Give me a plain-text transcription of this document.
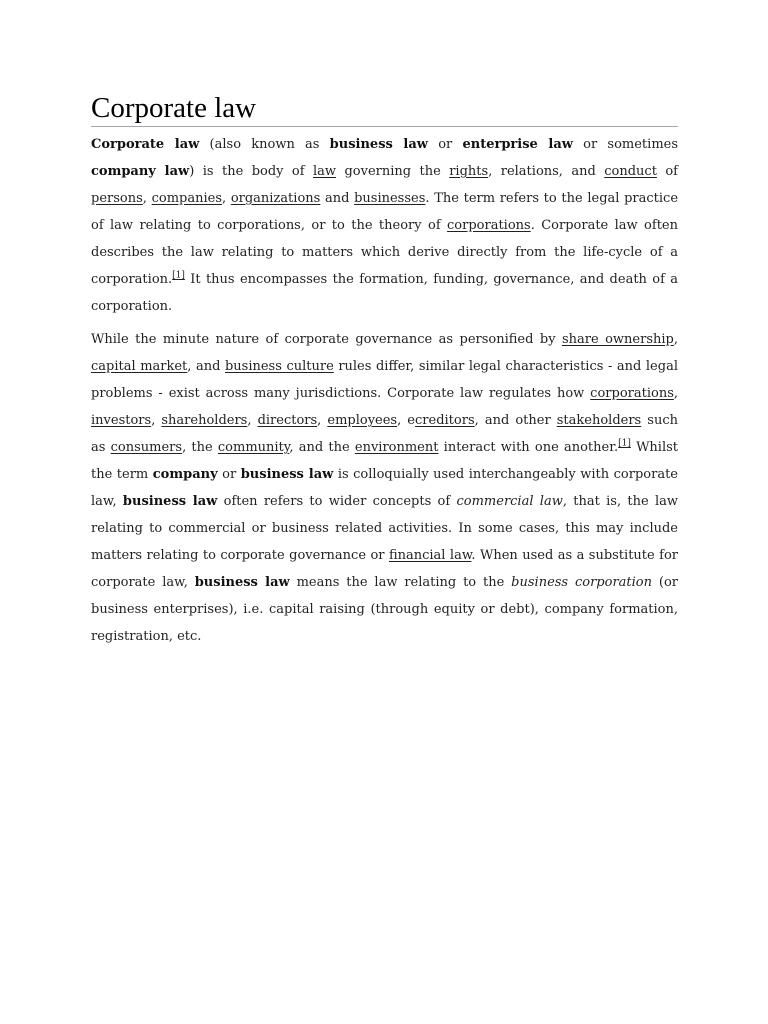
Corporate law

Corporate law (also known as business law or enterprise law or sometimes company law) is the body of law governing the rights, relations, and conduct of persons, companies, organizations and businesses. The term refers to the legal practice of law relating to corporations, or to the theory of corporations. Corporate law often describes the law relating to matters which derive directly from the life-cycle of a corporation.[1] It thus encompasses the formation, funding, governance, and death of a corporation.

While the minute nature of corporate governance as personified by share ownership, capital market, and business culture rules differ, similar legal characteristics - and legal problems - exist across many jurisdictions. Corporate law regulates how corporations, investors, shareholders, directors, employees, ecreditors, and other stakeholders such as consumers, the community, and the environment interact with one another.[1] Whilst the term company or business law is colloquially used interchangeably with corporate law, business law often refers to wider concepts of commercial law, that is, the law relating to commercial or business related activities. In some cases, this may include matters relating to corporate governance or financial law. When used as a substitute for corporate law, business law means the law relating to the business corporation (or business enterprises), i.e. capital raising (through equity or debt), company formation, registration, etc.
